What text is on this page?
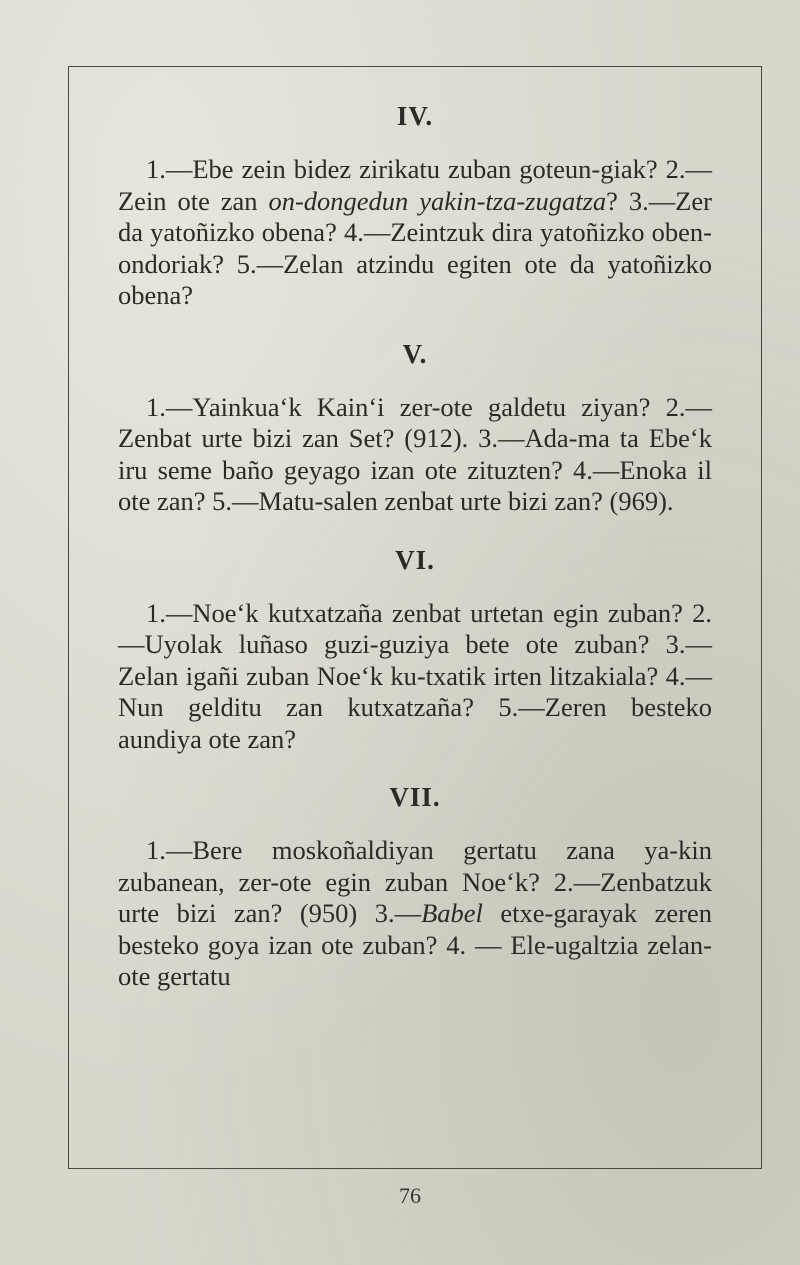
IV.

1.—Ebe zein bidez zirikatu zuban goteun-giak? 2.—Zein ote zan on-dongedun yakin-tza-zugatza? 3.—Zer da yatoñizko obena? 4.—Zeintzuk dira yatoñizko oben-ondoriak? 5.—Zelan atzindu egiten ote da yatoñizko obena?

V.

1.—Yainkua‘k Kain‘i zer-ote galdetu ziyan? 2.—Zenbat urte bizi zan Set? (912). 3.—Ada-ma ta Ebe‘k iru seme baño geyago izan ote zituzten? 4.—Enoka il ote zan? 5.—Matu-salen zenbat urte bizi zan? (969).

VI.

1.—Noe‘k kutxatzaña zenbat urtetan egin zuban? 2.—Uyolak luñaso guzi-guziya bete ote zuban? 3.—Zelan igañi zuban Noe‘k ku-txatik irten litzakiala? 4.—Nun gelditu zan kutxatzaña? 5.—Zeren besteko aundiya ote zan?

VII.

1.—Bere moskoñaldiyan gertatu zana ya-kin zubanean, zer-ote egin zuban Noe‘k? 2.—Zenbatzuk urte bizi zan? (950) 3.—Babel etxe-garayak zeren besteko goya izan ote zuban? 4. — Ele-ugaltzia zelan-ote gertatu

76
